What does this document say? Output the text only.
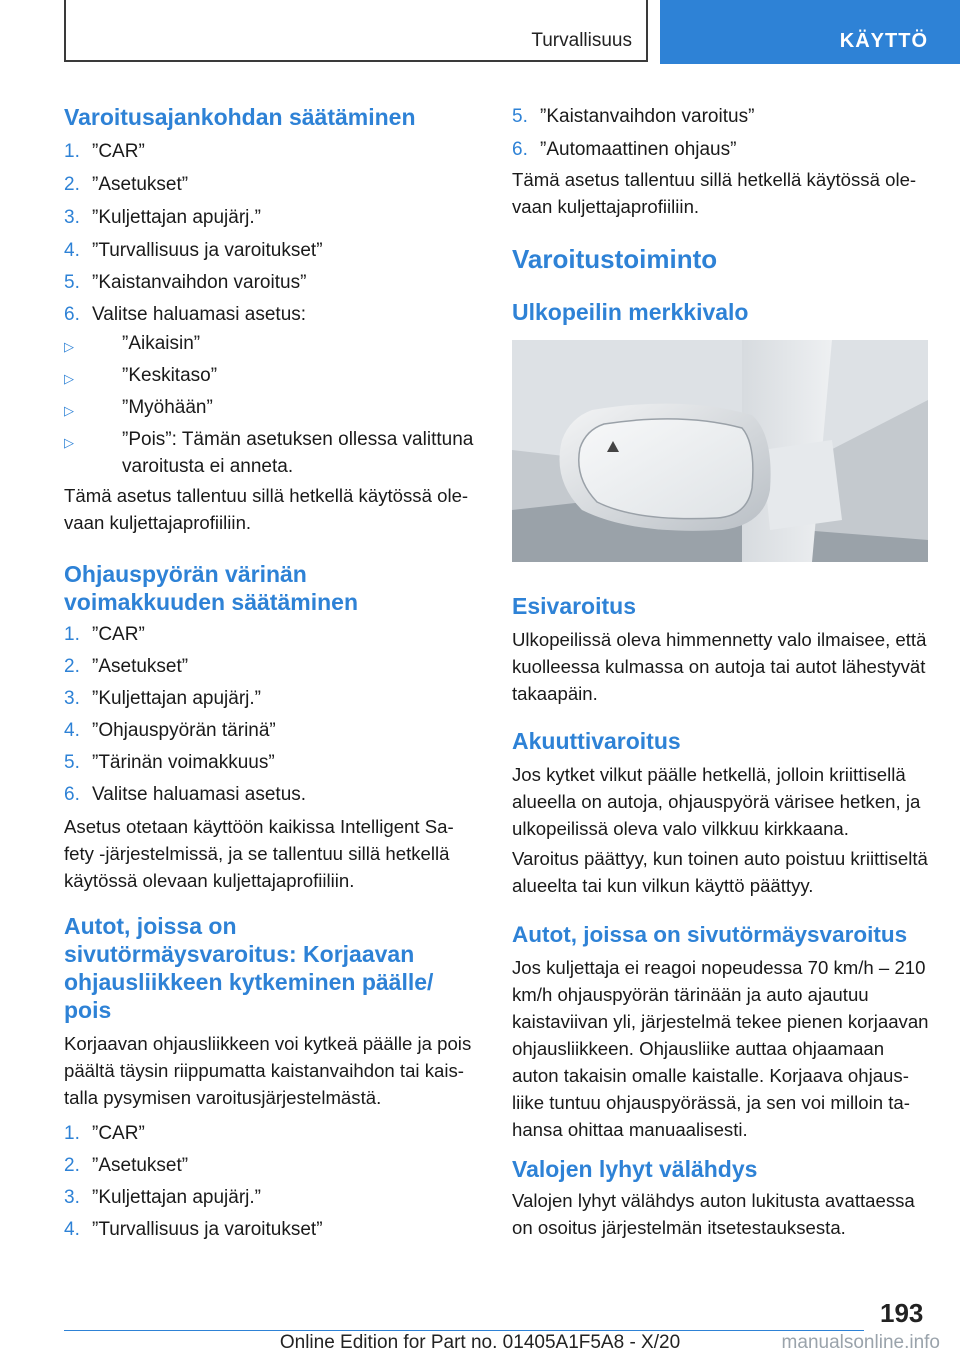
Turvallisuus	KÄYTTÖ
Varoitusajankohdan säätäminen
1. ”CAR”
2. ”Asetukset”
3. ”Kuljettajan apujärj.”
4. ”Turvallisuus ja varoitukset”
5. ”Kaistanvaihdon varoitus”
6. Valitse haluamasi asetus:
▷	”Aikaisin”
▷	”Keskitaso”
▷	”Myöhään”
▷	”Pois”: Tämän asetuksen ollessa valittuna varoitusta ei anneta.

Tämä asetus tallentuu sillä hetkellä käytössä olevaan kuljettajaprofiiliin.

Ohjauspyörän värinän
voimakkuuden säätäminen
1. ”CAR”
2. ”Asetukset”
3. ”Kuljettajan apujärj.”
4. ”Ohjauspyörän tärinä”
5. ”Tärinän voimakkuus”
6. Valitse haluamasi asetus.

Asetus otetaan käyttöön kaikissa Intelligent Safety ‑järjestelmissä, ja se tallentuu sillä hetkellä käytössä olevaan kuljettajaprofiiliin.

Autot, joissa on
sivutörmäysvaroitus: Korjaavan
ohjausliikkeen kytkeminen päälle/
pois

Korjaavan ohjausliikkeen voi kytkeä päälle ja pois päältä täysin riippumatta kaistanvaihdon tai kaistalla pysymisen varoitusjärjestelmästä.

1. ”CAR”
2. ”Asetukset”
3. ”Kuljettajan apujärj.”
4. ”Turvallisuus ja varoitukset”
5. ”Kaistanvaihdon varoitus”
6. ”Automaattinen ohjaus”

Tämä asetus tallentuu sillä hetkellä käytössä olevaan kuljettajaprofiiliin.

Varoitustoiminto
Ulkopeilin merkkivalo
Esivaroitus

Ulkopeilissä oleva himmennetty valo ilmaisee, että kuolleessa kulmassa on autoja tai autot lähestyvät takaapäin.

Akuuttivaroitus

Jos kytket vilkut päälle hetkellä, jolloin kriittisellä alueella on autoja, ohjauspyörä värisee hetken, ja ulkopeilissä oleva valo vilkkuu kirkkaana.

Varoitus päättyy, kun toinen auto poistuu kriittiseltä alueelta tai kun vilkun käyttö päättyy.

Autot, joissa on sivutörmäysvaroitus

Jos kuljettaja ei reagoi nopeudessa 70 km/h – 210 km/h ohjauspyörän tärinään ja auto ajautuu kaistaviivan yli, järjestelmä tekee pienen korjaavan ohjausliikkeen. Ohjausliike auttaa ohjaamaan auton takaisin omalle kaistalle. Korjaava ohjausliike tuntuu ohjauspyörässä, ja sen voi milloin tahansa ohittaa manuaalisesti.

Valojen lyhyt välähdys

Valojen lyhyt välähdys auton lukitusta avattaessa on osoitus järjestelmän itsetestauksesta.

193
Online Edition for Part no. 01405A1F5A8 - X/20	manualsonline.info
